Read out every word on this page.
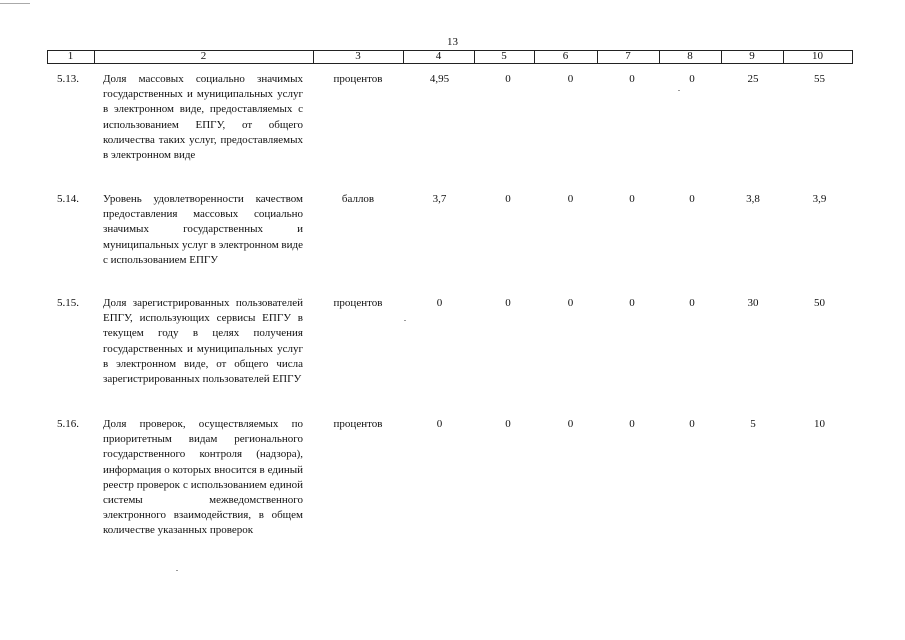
13
1	2	3	4	5	6	7	8	9	10
5.13. Доля массовых социально значимых государственных и муниципальных услуг в электронном виде, предоставляемых с использованием ЕПГУ, от общего количества таких услуг, предоставляемых в электронном виде
процентов	4,95	0	0	0	0	25	55
5.14. Уровень удовлетворенности качеством предоставления массовых социально значимых государственных и муниципальных услуг в электронном виде с использованием ЕПГУ
баллов	3,7	0	0	0	0	3,8	3,9
5.15. Доля зарегистрированных пользователей ЕПГУ, использующих сервисы ЕПГУ в текущем году в целях получения государственных и муниципальных услуг в электронном виде, от общего числа зарегистрированных пользователей ЕПГУ
процентов	0	0	0	0	0	30	50
5.16. Доля проверок, осуществляемых по приоритетным видам регионального государственного контроля (надзора), информация о которых вносится в единый реестр проверок с использованием единой системы межведомственного электронного взаимодействия, в общем количестве указанных проверок
процентов	0	0	0	0	0	5	10
